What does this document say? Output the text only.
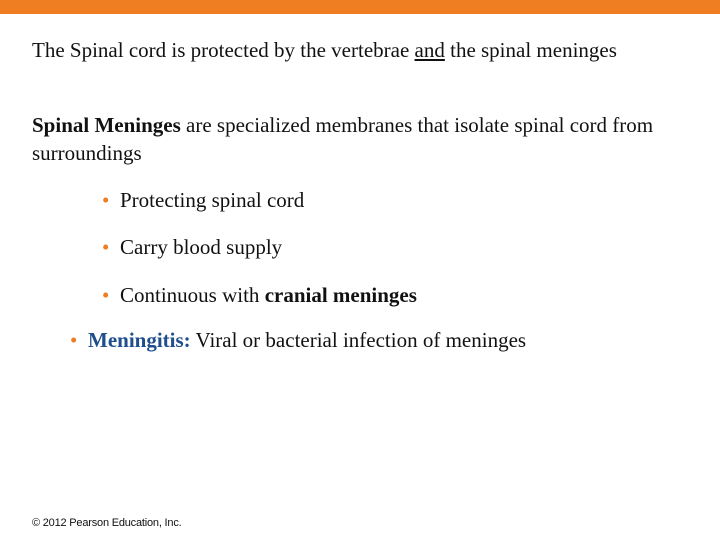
The Spinal cord is protected by the vertebrae and the spinal meninges

Spinal Meninges are specialized membranes that isolate spinal cord from surroundings

• Protecting spinal cord
• Carry blood supply
• Continuous with cranial meninges
• Meningitis: Viral or bacterial infection of meninges
© 2012 Pearson Education, Inc.
